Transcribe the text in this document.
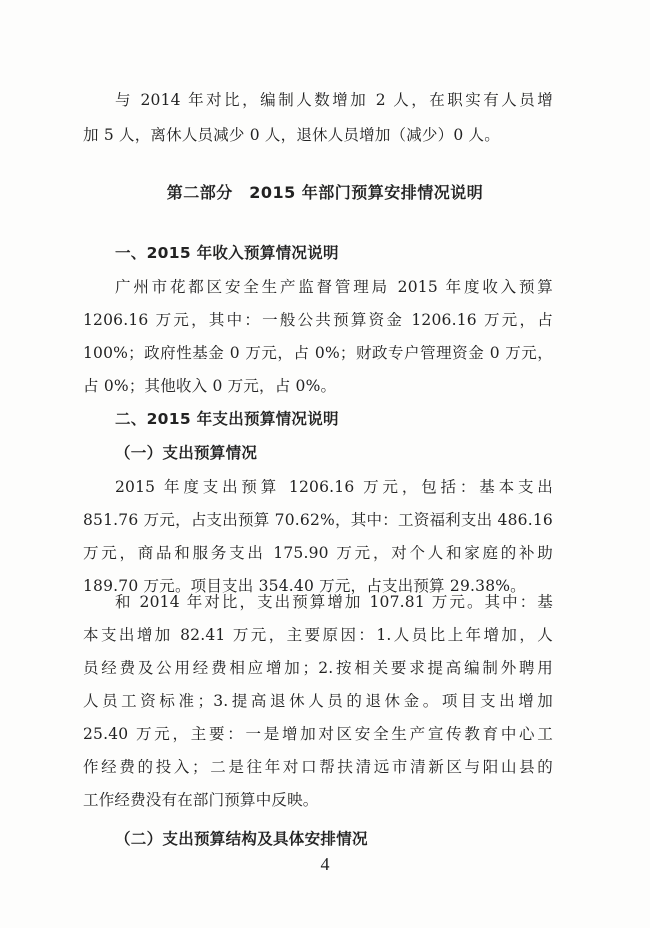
与 2014 年对比，编制人数增加 2 人，在职实有人员增
加 5 人，离休人员减少 0 人，退休人员增加（减少）0 人。
第二部分　2015 年部门预算安排情况说明
一、2015 年收入预算情况说明
广州市花都区安全生产监督管理局 2015 年度收入预算
1206.16 万元，其中：一般公共预算资金 1206.16 万元，占
100%；政府性基金 0 万元，占 0%；财政专户管理资金 0 万元，
占 0%；其他收入 0 万元，占 0%。
二、2015 年支出预算情况说明
（一）支出预算情况
2015 年度支出预算 1206.16 万元，包括：基本支出
851.76 万元，占支出预算 70.62%，其中：工资福利支出 486.16
万元，商品和服务支出 175.90 万元，对个人和家庭的补助
189.70 万元。项目支出 354.40 万元，占支出预算 29.38%。
和 2014 年对比，支出预算增加 107.81 万元。其中：基
本支出增加 82.41 万元，主要原因：1.人员比上年增加，人
员经费及公用经费相应增加；2.按相关要求提高编制外聘用
人员工资标准；3.提高退休人员的退休金。项目支出增加
25.40 万元，主要：一是增加对区安全生产宣传教育中心工
作经费的投入；二是往年对口帮扶清远市清新区与阳山县的
工作经费没有在部门预算中反映。
（二）支出预算结构及具体安排情况
4
